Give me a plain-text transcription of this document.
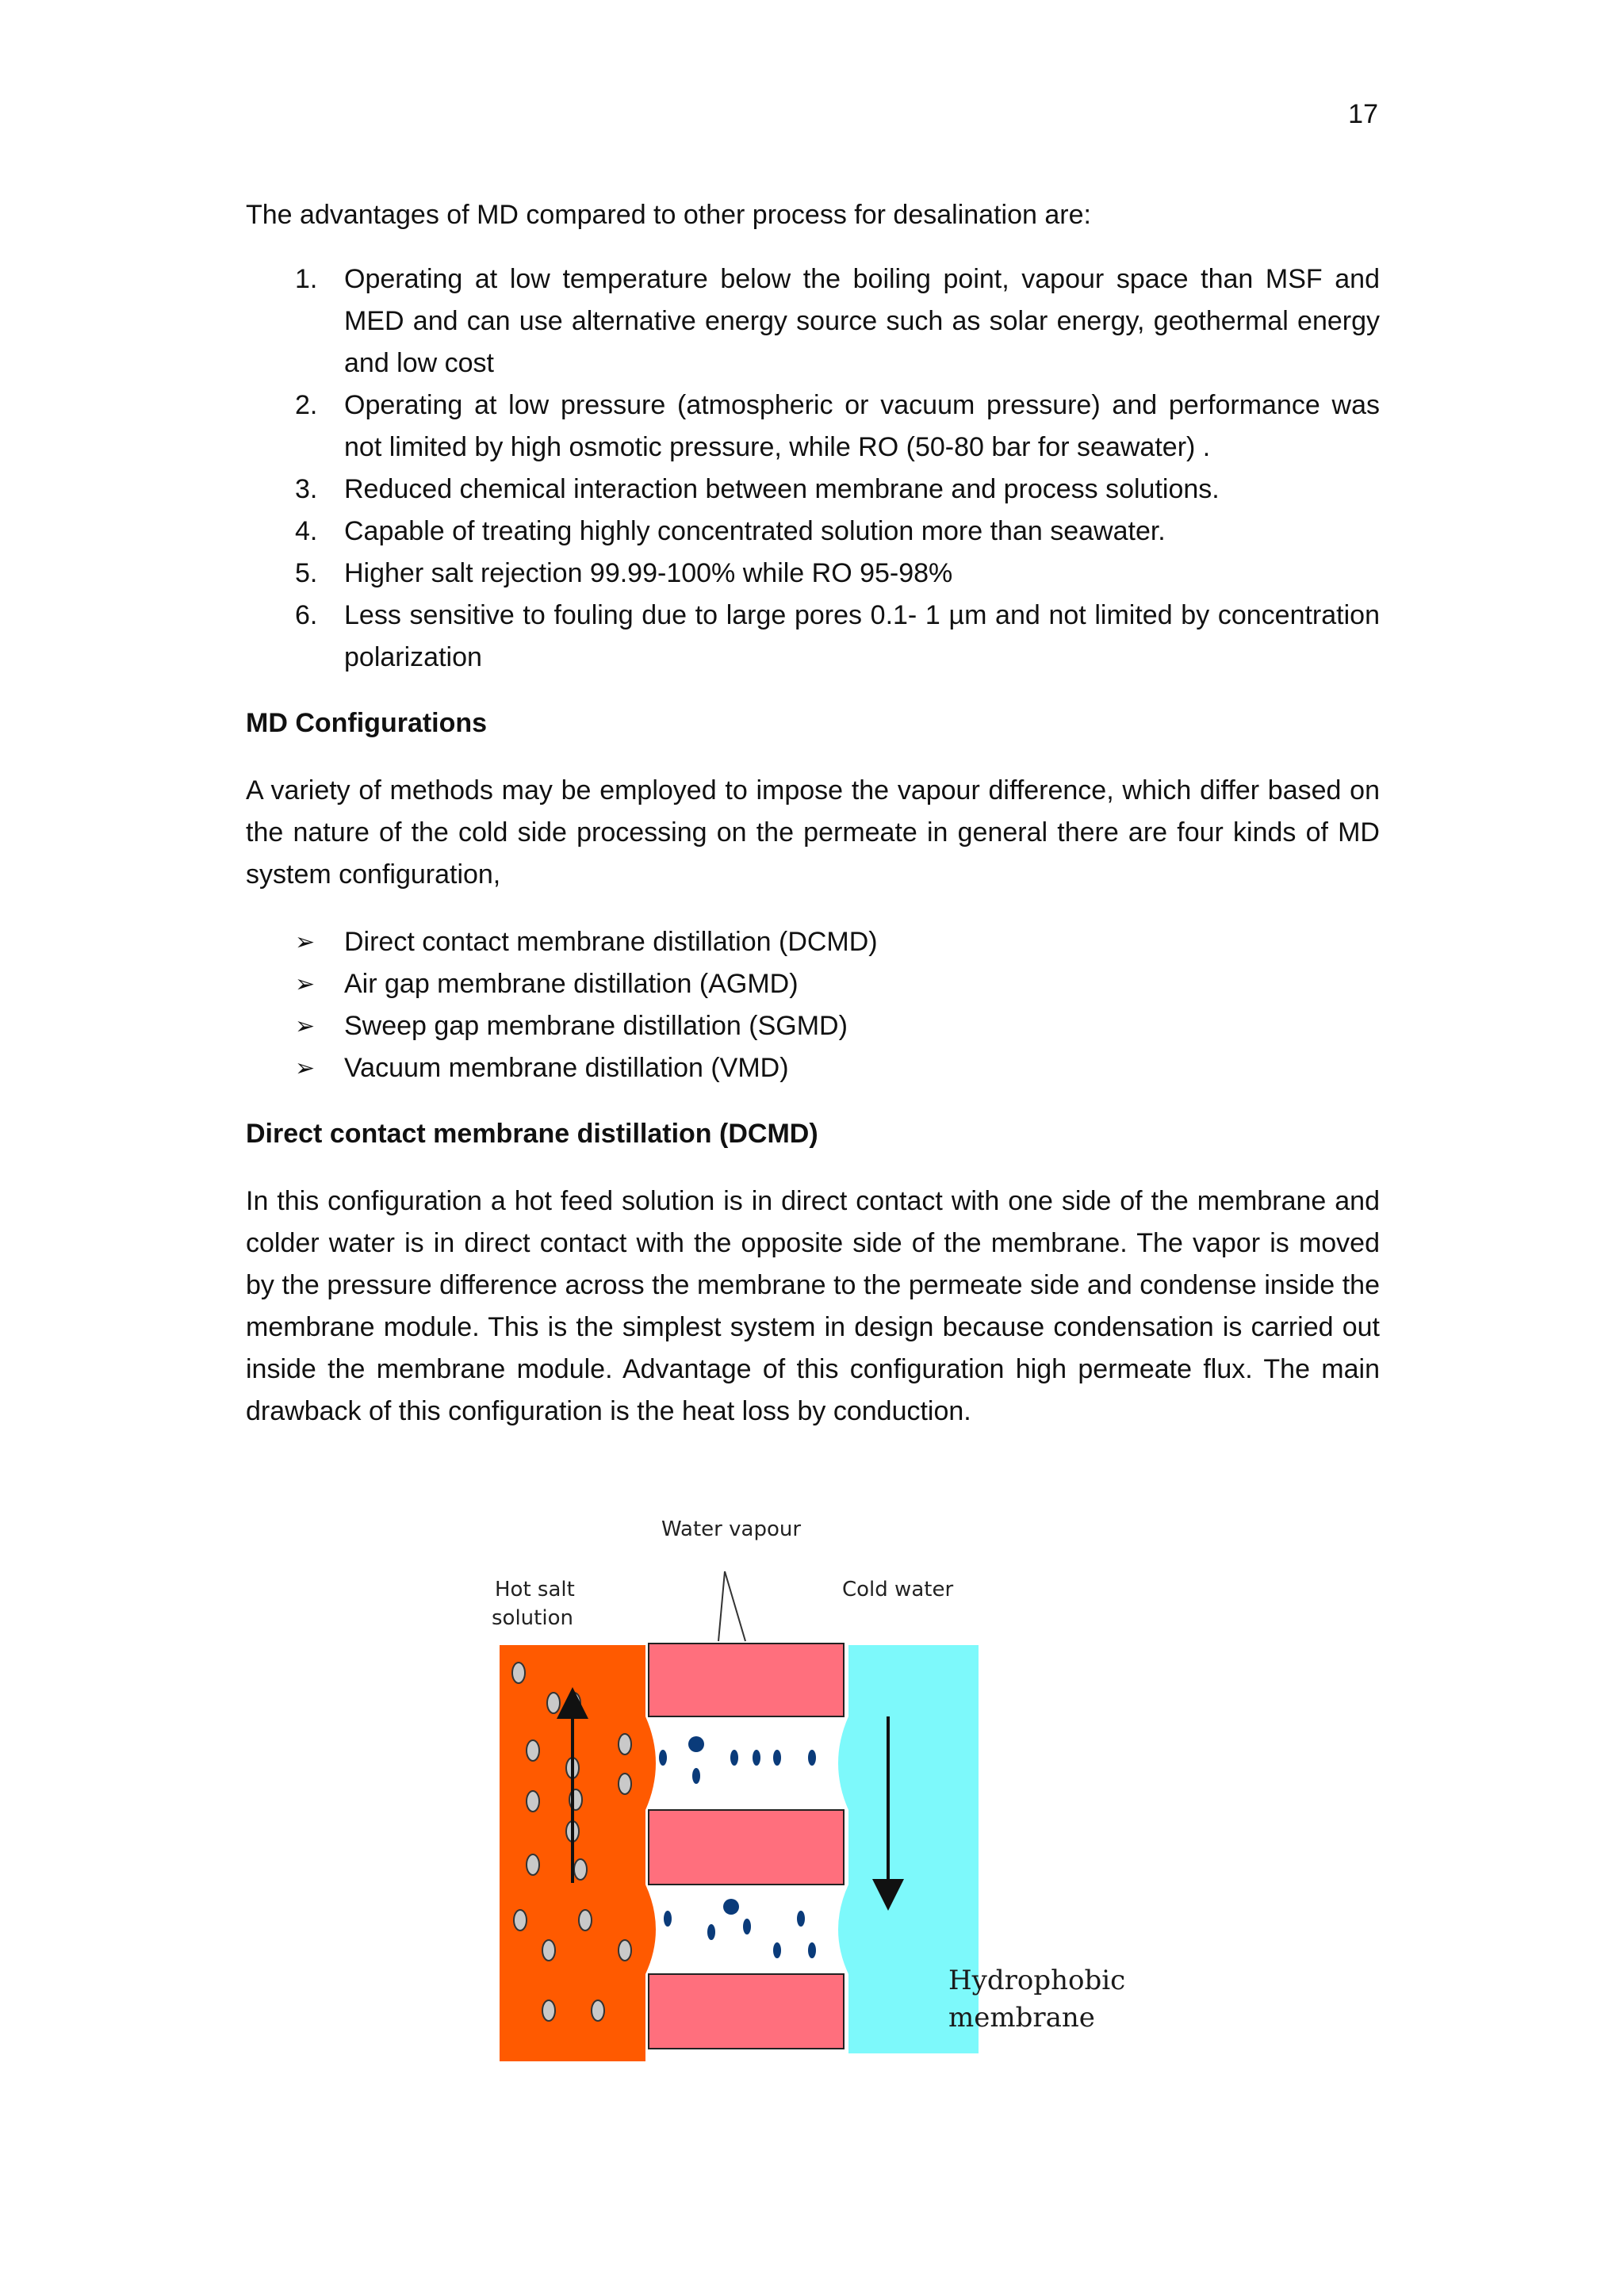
17

The advantages of MD compared to other process for desalination are:

1. Operating at low temperature below the boiling point, vapour space than MSF and MED and can use alternative energy source such as solar energy, geothermal energy and low cost
2. Operating at low pressure (atmospheric or vacuum pressure) and performance was not limited by high osmotic pressure, while RO (50-80 bar for seawater) .
3. Reduced chemical interaction between membrane and process solutions.
4. Capable of treating highly concentrated solution more than seawater.
5. Higher salt rejection 99.99-100% while RO 95-98%
6. Less sensitive to fouling due to large pores 0.1- 1 µm and not limited by concentration polarization
MD Configurations

A variety of methods may be employed to impose the vapour difference, which differ based on the nature of the cold side processing on the permeate in general there are four kinds of MD system configuration,

➢ Direct contact membrane distillation (DCMD)
➢ Air gap membrane distillation (AGMD)
➢ Sweep gap membrane distillation (SGMD)
➢ Vacuum membrane distillation (VMD)
Direct contact membrane distillation (DCMD)

In this configuration a hot feed solution is in direct contact with one side of the membrane and colder water is in direct contact with the opposite side of the membrane. The vapor is moved by the pressure difference across the membrane to the permeate side and condense inside the membrane module. This is the simplest system in design because condensation is carried out inside the membrane module. Advantage of this configuration high permeate flux. The main drawback of this configuration is the heat loss by conduction.

Water vapour
Hot salt
solution
Cold water
Hydrophobic
membrane
